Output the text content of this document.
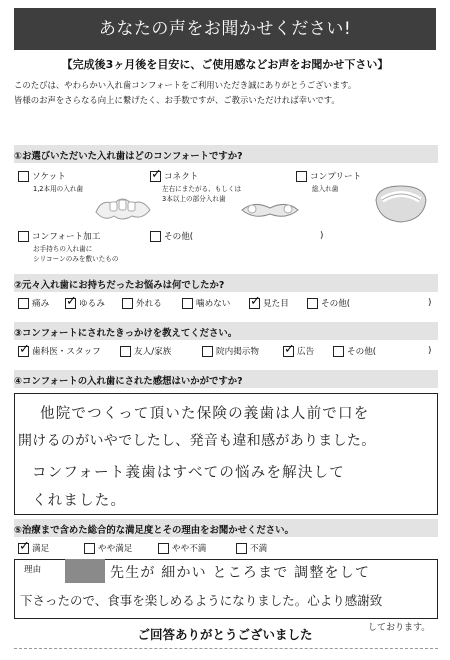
あなたの声をお聞かせください!
【完成後3ヶ月後を目安に、ご使用感などお声をお聞かせ下さい】
このたびは、やわらかい入れ歯コンフォートをご利用いただき誠にありがとうございます。
皆様のお声をさらなる向上に繋げたく、お手数ですが、ご教示いただければ幸いです。
①お選びいただいた入れ歯はどのコンフォートですか?
ソケット
1,2本用の入れ歯
✓
コネクト
左右にまたがる、もしくは
3本以上の部分入れ歯
コンプリート
総入れ歯
コンフォート加工
お手持ちの入れ歯に
シリコーンのみを敷いたもの
その他(	)
②元々入れ歯にお持ちだったお悩みは何でしたか?
痛み ✓	ゆるみ	外れる	噛めない ✓	見た目	その他(	)
③コンフォートにされたきっかけを教えてください。
✓
歯科医・スタッフ	友人/家族	院内掲示物 ✓	広告	その他(	)
④コンフォートの入れ歯にされた感想はいかがですか?
他院でつくって頂いた保険の義歯は人前で口を
開けるのがいやでしたし、発音も違和感がありました。
コンフォート義歯はすべての悩みを解決して
くれました。
⑤治療まで含めた総合的な満足度とその理由をお聞かせください。
✓
満足	やや満足	やや不満	不満
理由	先生が 細かい ところまで 調整をして
下さったので、食事を楽しめるようになりました。心より感謝致
しております。
ご回答ありがとうございました
